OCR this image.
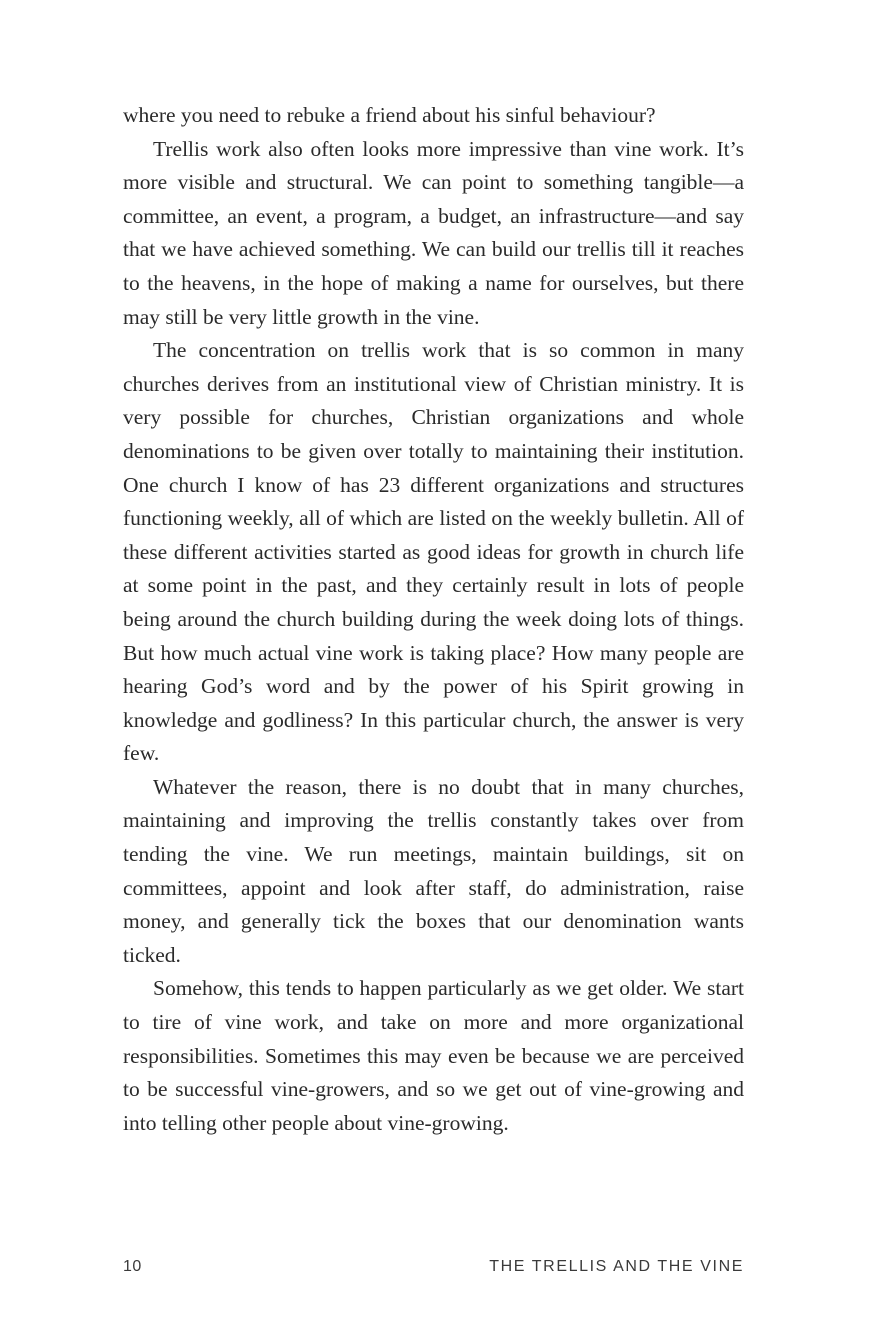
where you need to rebuke a friend about his sinful behaviour?

Trellis work also often looks more impressive than vine work. It’s more visible and structural. We can point to something tangible—a committee, an event, a program, a budget, an infrastructure—and say that we have achieved something. We can build our trellis till it reaches to the heavens, in the hope of making a name for ourselves, but there may still be very little growth in the vine.

The concentration on trellis work that is so common in many churches derives from an institutional view of Christian ministry. It is very possible for churches, Christian organizations and whole denominations to be given over totally to maintaining their institution. One church I know of has 23 different organizations and structures functioning weekly, all of which are listed on the weekly bulletin. All of these different activities started as good ideas for growth in church life at some point in the past, and they certainly result in lots of people being around the church building during the week doing lots of things. But how much actual vine work is taking place? How many people are hearing God’s word and by the power of his Spirit growing in knowledge and godliness? In this particular church, the answer is very few.

Whatever the reason, there is no doubt that in many churches, maintaining and improving the trellis constantly takes over from tending the vine. We run meetings, maintain buildings, sit on committees, appoint and look after staff, do administration, raise money, and generally tick the boxes that our denomination wants ticked.

Somehow, this tends to happen particularly as we get older. We start to tire of vine work, and take on more and more organizational responsibilities. Sometimes this may even be because we are perceived to be successful vine-growers, and so we get out of vine-growing and into telling other people about vine-growing.

10	THE TRELLIS AND THE VINE
